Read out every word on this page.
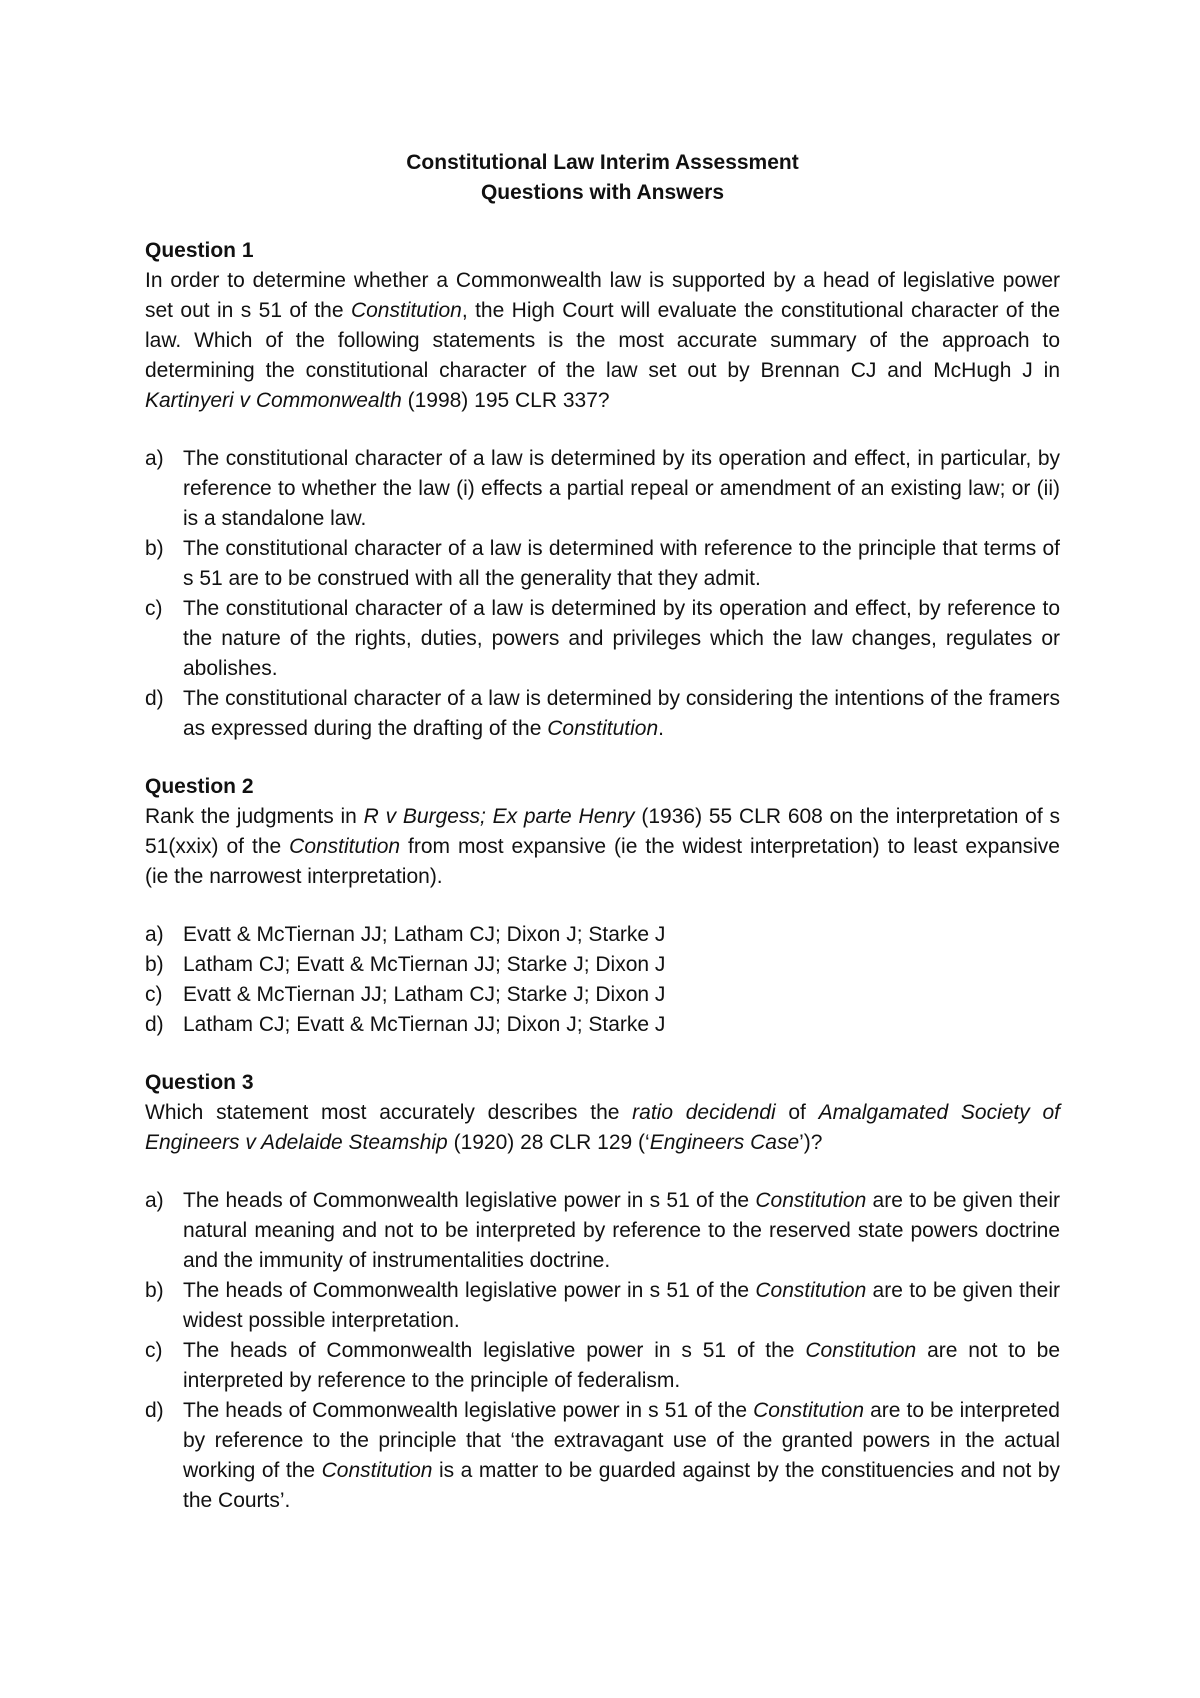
Constitutional Law Interim Assessment
Questions with Answers
Question 1
In order to determine whether a Commonwealth law is supported by a head of legislative power set out in s 51 of the Constitution, the High Court will evaluate the constitutional character of the law. Which of the following statements is the most accurate summary of the approach to determining the constitutional character of the law set out by Brennan CJ and McHugh J in Kartinyeri v Commonwealth (1998) 195 CLR 337?
a) The constitutional character of a law is determined by its operation and effect, in particular, by reference to whether the law (i) effects a partial repeal or amendment of an existing law; or (ii) is a standalone law.
b) The constitutional character of a law is determined with reference to the principle that terms of s 51 are to be construed with all the generality that they admit.
c) The constitutional character of a law is determined by its operation and effect, by reference to the nature of the rights, duties, powers and privileges which the law changes, regulates or abolishes.
d) The constitutional character of a law is determined by considering the intentions of the framers as expressed during the drafting of the Constitution.
Question 2
Rank the judgments in R v Burgess; Ex parte Henry (1936) 55 CLR 608 on the interpretation of s 51(xxix) of the Constitution from most expansive (ie the widest interpretation) to least expansive (ie the narrowest interpretation).
a) Evatt & McTiernan JJ; Latham CJ; Dixon J; Starke J
b) Latham CJ; Evatt & McTiernan JJ; Starke J; Dixon J
c) Evatt & McTiernan JJ; Latham CJ; Starke J; Dixon J
d) Latham CJ; Evatt & McTiernan JJ; Dixon J; Starke J
Question 3
Which statement most accurately describes the ratio decidendi of Amalgamated Society of Engineers v Adelaide Steamship (1920) 28 CLR 129 (‘Engineers Case’)?
a) The heads of Commonwealth legislative power in s 51 of the Constitution are to be given their natural meaning and not to be interpreted by reference to the reserved state powers doctrine and the immunity of instrumentalities doctrine.
b) The heads of Commonwealth legislative power in s 51 of the Constitution are to be given their widest possible interpretation.
c) The heads of Commonwealth legislative power in s 51 of the Constitution are not to be interpreted by reference to the principle of federalism.
d) The heads of Commonwealth legislative power in s 51 of the Constitution are to be interpreted by reference to the principle that ‘the extravagant use of the granted powers in the actual working of the Constitution is a matter to be guarded against by the constituencies and not by the Courts’.
